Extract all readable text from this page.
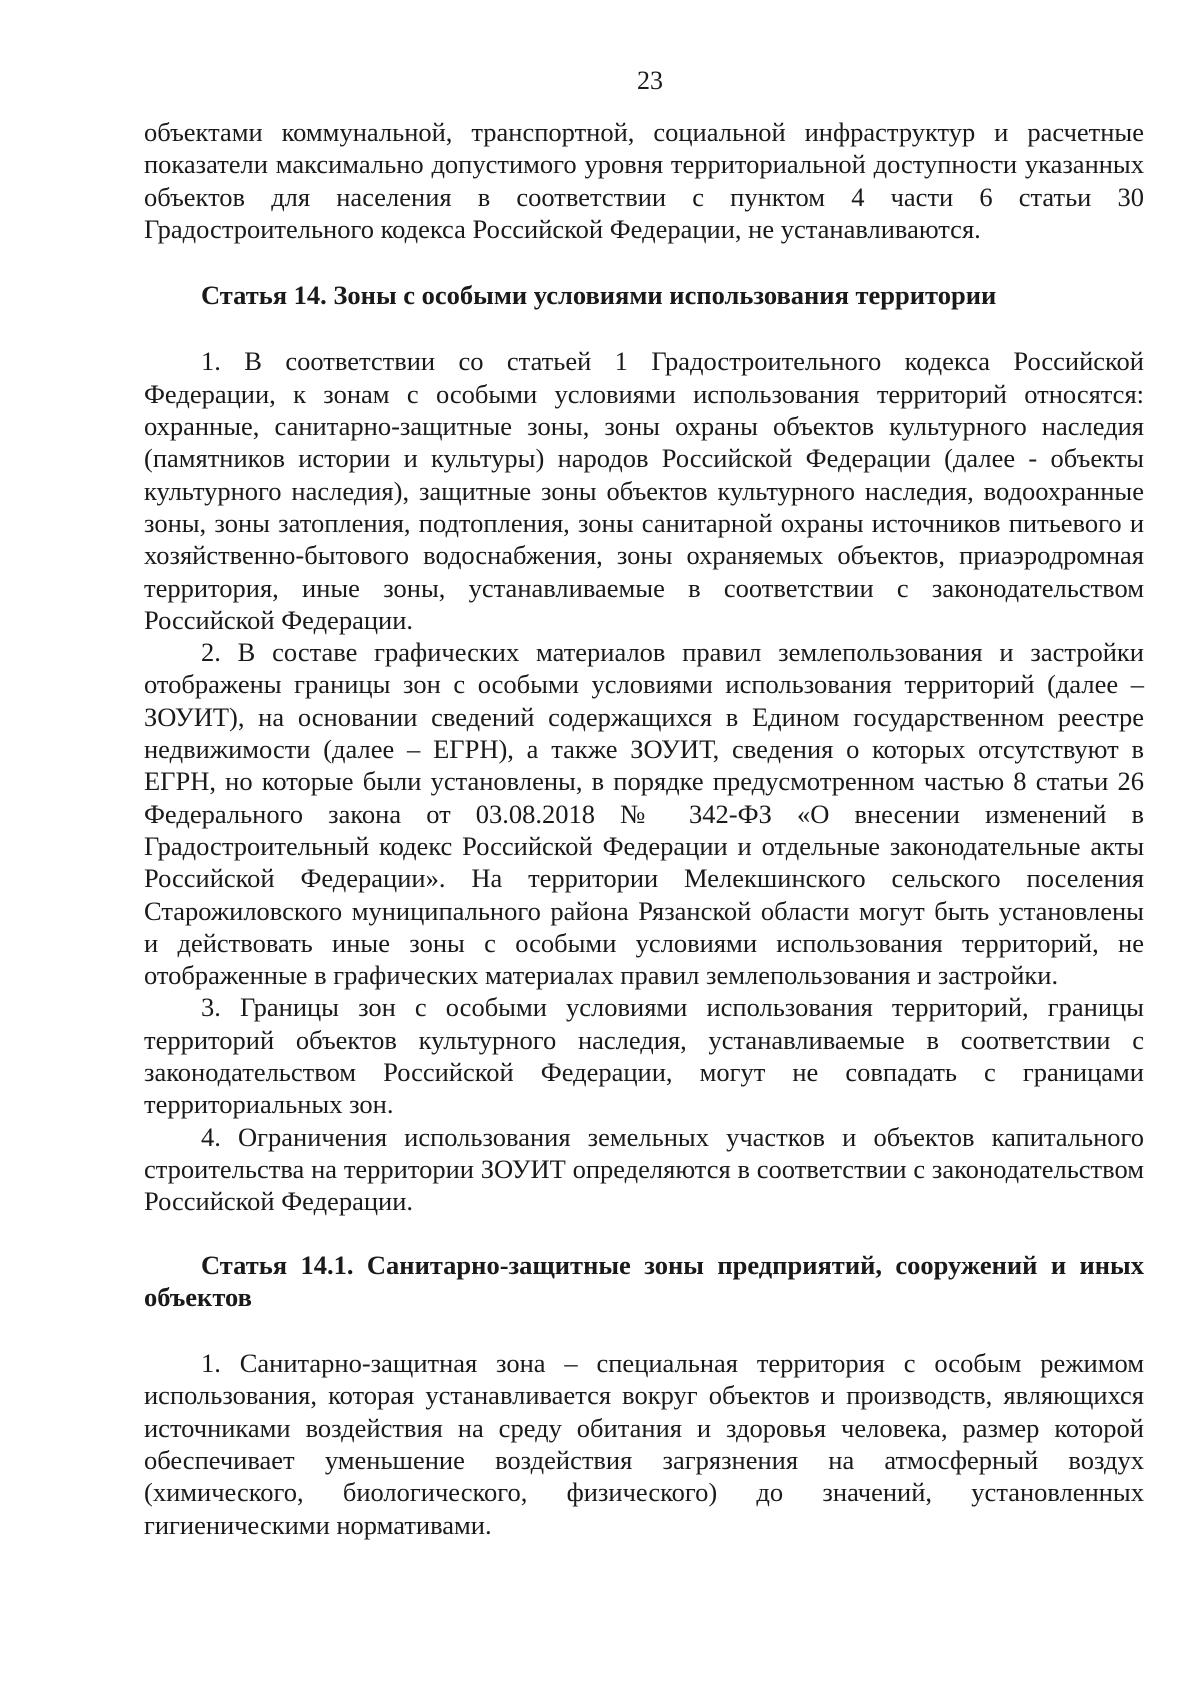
23

объектами коммунальной, транспортной, социальной инфраструктур и расчетные показатели максимально допустимого уровня территориальной доступности указанных объектов для населения в соответствии с пунктом 4 части 6 статьи 30 Градостроительного кодекса Российской Федерации, не устанавливаются.

Статья 14. Зоны с особыми условиями использования территории

1. В соответствии со статьей 1 Градостроительного кодекса Российской Федерации, к зонам с особыми условиями использования территорий относятся: охранные, санитарно-защитные зоны, зоны охраны объектов культурного наследия (памятников истории и культуры) народов Российской Федерации (далее - объекты культурного наследия), защитные зоны объектов культурного наследия, водоохранные зоны, зоны затопления, подтопления, зоны санитарной охраны источников питьевого и хозяйственно-бытового водоснабжения, зоны охраняемых объектов, приаэродромная территория, иные зоны, устанавливаемые в соответствии с законодательством Российской Федерации.

2. В составе графических материалов правил землепользования и застройки отображены границы зон с особыми условиями использования территорий (далее – ЗОУИТ), на основании сведений содержащихся в Едином государственном реестре недвижимости (далее – ЕГРН), а также ЗОУИТ, сведения о которых отсутствуют в ЕГРН, но которые были установлены, в порядке предусмотренном частью 8 статьи 26 Федерального закона от 03.08.2018 № 342-ФЗ «О внесении изменений в Градостроительный кодекс Российской Федерации и отдельные законодательные акты Российской Федерации». На территории Мелекшинского сельского поселения Старожиловского муниципального района Рязанской области могут быть установлены и действовать иные зоны с особыми условиями использования территорий, не отображенные в графических материалах правил землепользования и застройки.

3. Границы зон с особыми условиями использования территорий, границы территорий объектов культурного наследия, устанавливаемые в соответствии с законодательством Российской Федерации, могут не совпадать с границами территориальных зон.

4. Ограничения использования земельных участков и объектов капитального строительства на территории ЗОУИТ определяются в соответствии с законодательством Российской Федерации.

Статья 14.1. Санитарно-защитные зоны предприятий, сооружений и иных объектов

1. Санитарно-защитная зона – специальная территория с особым режимом использования, которая устанавливается вокруг объектов и производств, являющихся источниками воздействия на среду обитания и здоровья человека, размер которой обеспечивает уменьшение воздействия загрязнения на атмосферный воздух (химического, биологического, физического) до значений, установленных гигиеническими нормативами.
